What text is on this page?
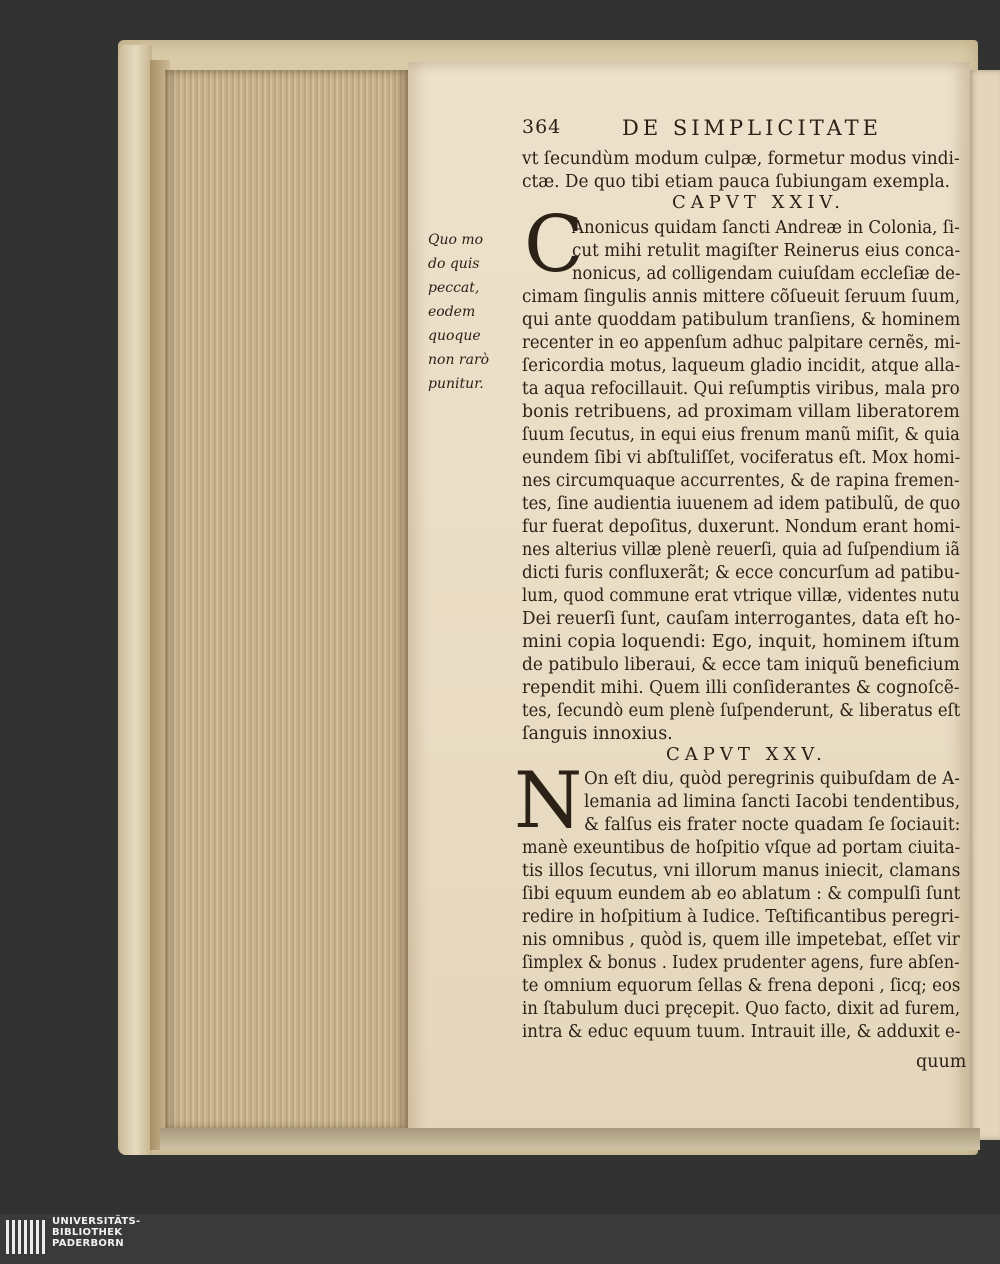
364	DE SIMPLICITATE
vt ſecundùm modum culpæ, formetur modus vindi-
ctæ. De quo tibi etiam pauca ſubiungam exempla.
CAPVT XXIV.
C
Anonicus quidam ſancti Andreæ in Colonia, ſi-
cut mihi retulit magiſter Reinerus eius conca-
nonicus, ad colligendam cuiuſdam eccleſiæ de-
cimam ſingulis annis mittere cõſueuit ſeruum ſuum,
qui ante quoddam patibulum tranſiens, & hominem
recenter in eo appenſum adhuc palpitare cernẽs, mi-
ſericordia motus, laqueum gladio incidit, atque alla-
ta aqua refocillauit. Qui reſumptis viribus, mala pro
bonis retribuens, ad proximam villam liberatorem
ſuum ſecutus, in equi eius frenum manũ miſit, & quia
eundem ſibi vi abſtuliſſet, vociferatus eſt. Mox homi-
nes circumquaque accurrentes, & de rapina fremen-
tes, ſine audientia iuuenem ad idem patibulũ, de quo
fur fuerat depoſitus, duxerunt. Nondum erant homi-
nes alterius villæ plenè reuerſi, quia ad ſuſpendium iã
dicti furis confluxerãt; & ecce concurſum ad patibu-
lum, quod commune erat vtrique villæ, videntes nutu
Dei reuerſi ſunt, cauſam interrogantes, data eſt ho-
mini copia loquendi: Ego, inquit, hominem iſtum
de patibulo liberaui, & ecce tam iniquũ beneficium
rependit mihi. Quem illi conſiderantes & cognoſcẽ-
tes, ſecundò eum plenè ſuſpenderunt, & liberatus eſt
ſanguis innoxius.
CAPVT XXV.
N On eſt diu, quòd peregrinis quibuſdam de A-
lemania ad limina ſancti Iacobi tendentibus,
& falſus eis frater nocte quadam ſe ſociauit:
manè exeuntibus de hoſpitio vſque ad portam ciuita-
tis illos ſecutus, vni illorum manus iniecit, clamans
ſibi equum eundem ab eo ablatum : & compulſi ſunt
redire in hoſpitium à Iudice. Teſtificantibus peregri-
nis omnibus , quòd is, quem ille impetebat, eſſet vir
ſimplex & bonus . Iudex prudenter agens, fure abſen-
te omnium equorum ſellas & frena deponi , ſicq; eos
in ſtabulum duci pręcepit. Quo facto, dixit ad furem,
intra & educ equum tuum. Intrauit ille, & adduxit e-
quum
Quo mo
do quis
peccat,
eodem
quoque
non rarò
punitur.
UNIVERSITÄTS-
BIBLIOTHEK
PADERBORN
